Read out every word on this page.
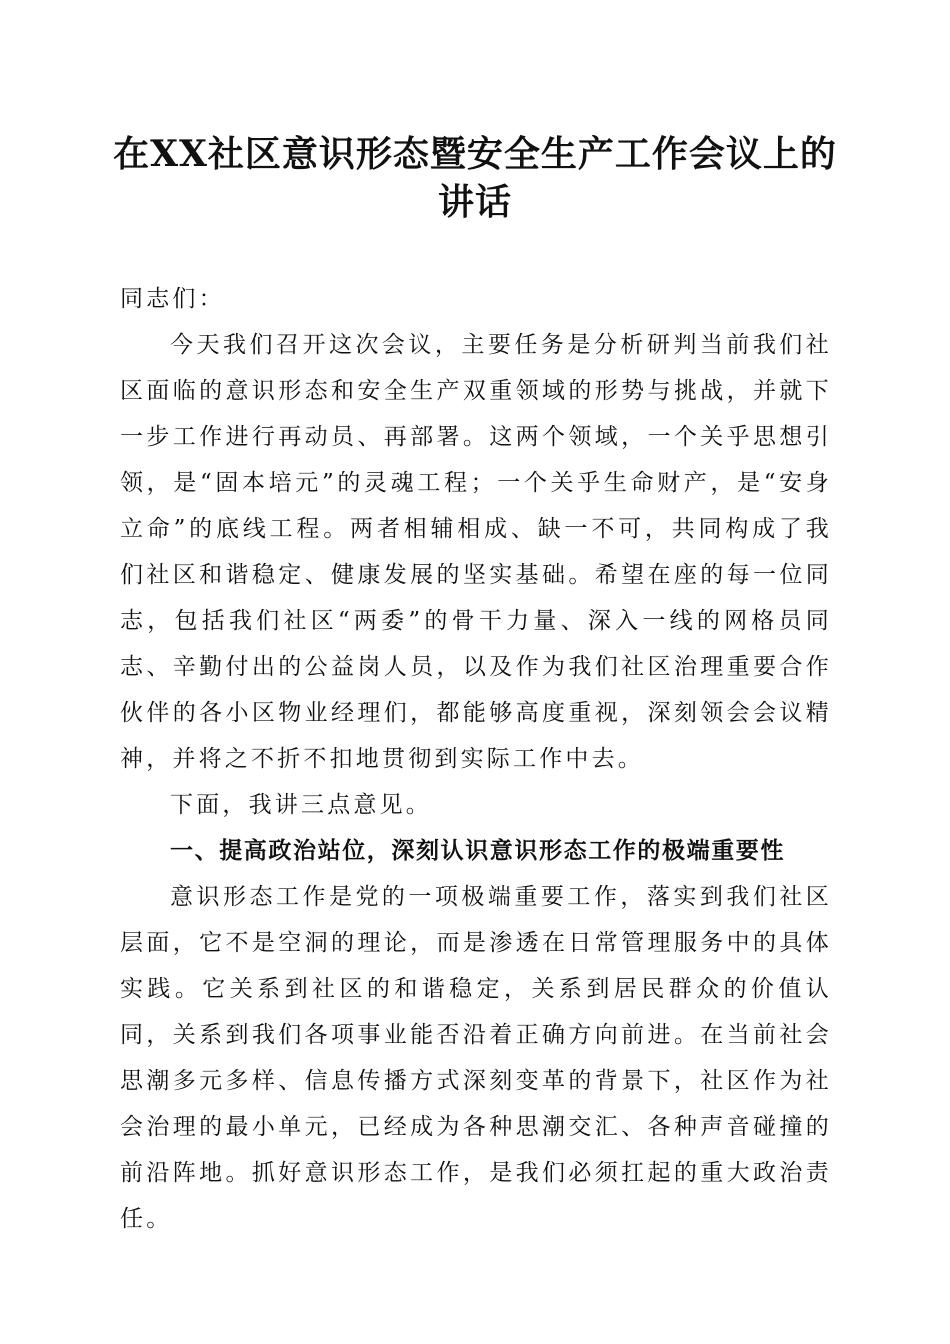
在XX社区意识形态暨安全生产工作会议上的
讲话

同志们：

今天我们召开这次会议，主要任务是分析研判当前我们社区面临的意识形态和安全生产双重领域的形势与挑战，并就下一步工作进行再动员、再部署。这两个领域，一个关乎思想引领，是“固本培元”的灵魂工程；一个关乎生命财产，是“安身立命”的底线工程。两者相辅相成、缺一不可，共同构成了我们社区和谐稳定、健康发展的坚实基础。希望在座的每一位同志，包括我们社区“两委”的骨干力量、深入一线的网格员同志、辛勤付出的公益岗人员，以及作为我们社区治理重要合作伙伴的各小区物业经理们，都能够高度重视，深刻领会会议精神，并将之不折不扣地贯彻到实际工作中去。

下面，我讲三点意见。

一、提高政治站位，深刻认识意识形态工作的极端重要性

意识形态工作是党的一项极端重要工作，落实到我们社区层面，它不是空洞的理论，而是渗透在日常管理服务中的具体实践。它关系到社区的和谐稳定，关系到居民群众的价值认同，关系到我们各项事业能否沿着正确方向前进。在当前社会思潮多元多样、信息传播方式深刻变革的背景下，社区作为社会治理的最小单元，已经成为各种思潮交汇、各种声音碰撞的前沿阵地。抓好意识形态工作，是我们必须扛起的重大政治责任。
